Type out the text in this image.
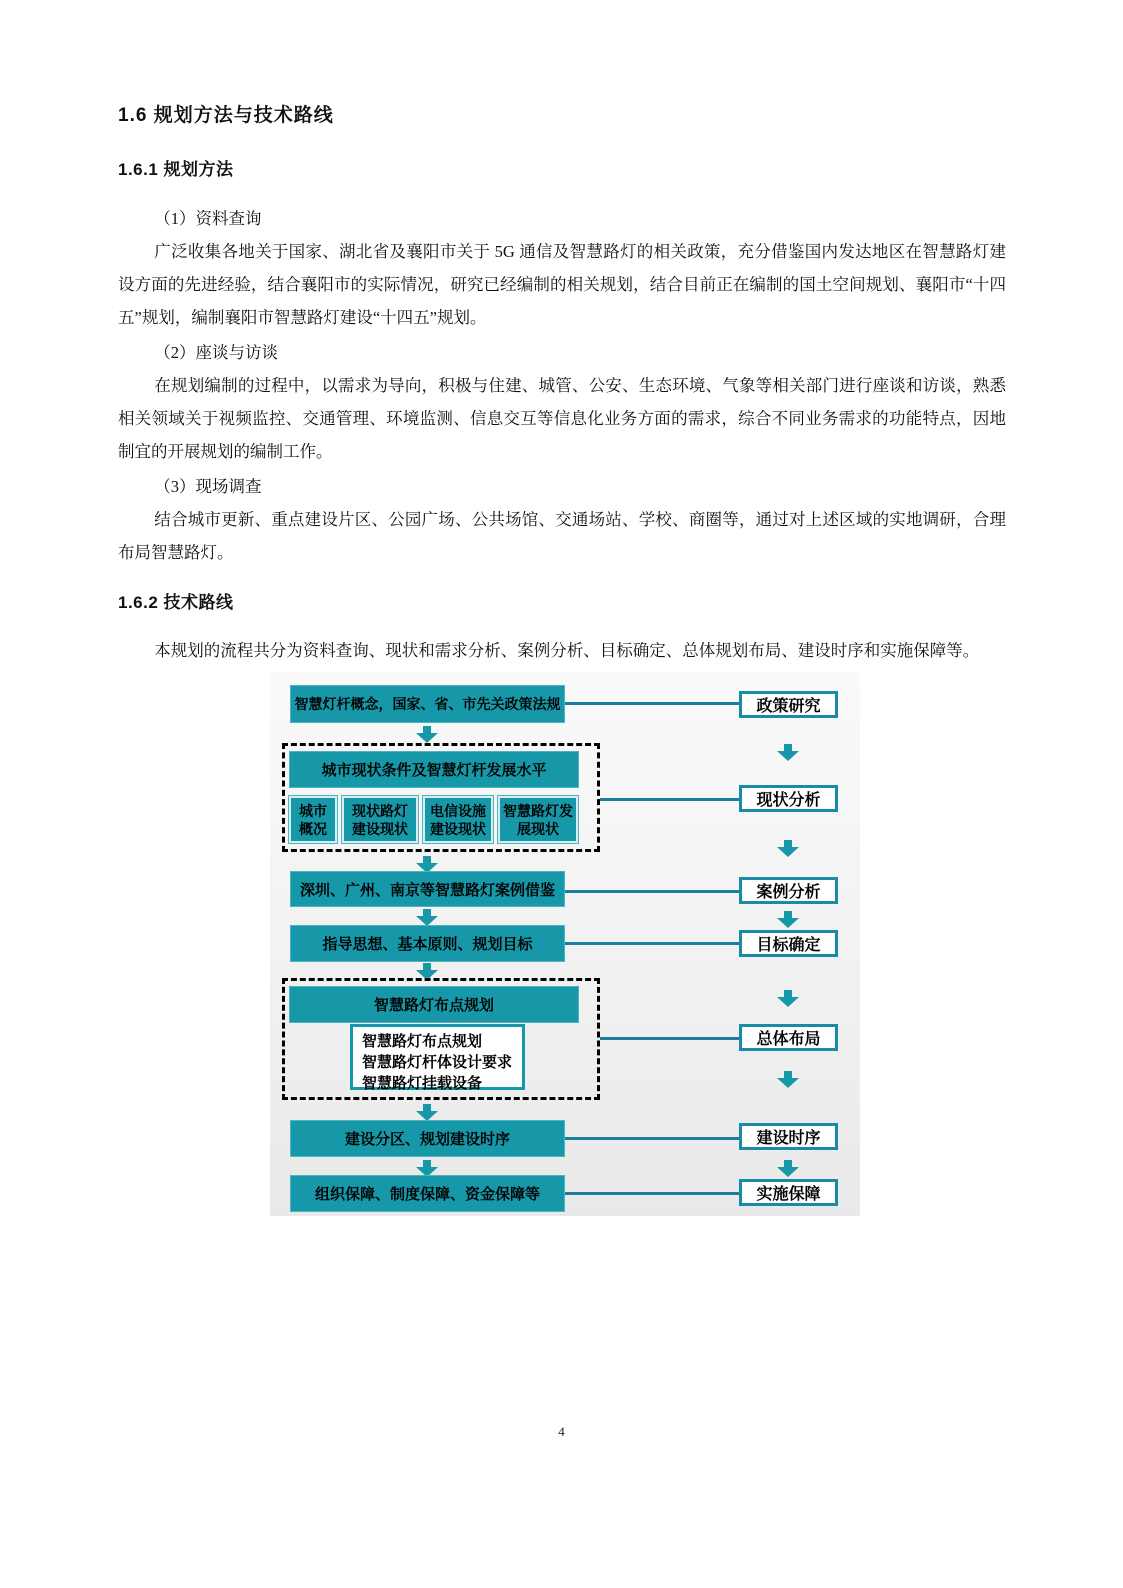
1.6 规划方法与技术路线
1.6.1 规划方法
（1）资料查询
广泛收集各地关于国家、湖北省及襄阳市关于 5G 通信及智慧路灯的相关政策，充分借鉴国内发达地区在智慧路灯建设方面的先进经验，结合襄阳市的实际情况，研究已经编制的相关规划，结合目前正在编制的国土空间规划、襄阳市“十四五”规划，编制襄阳市智慧路灯建设“十四五”规划。
（2）座谈与访谈
在规划编制的过程中，以需求为导向，积极与住建、城管、公安、生态环境、气象等相关部门进行座谈和访谈，熟悉相关领域关于视频监控、交通管理、环境监测、信息交互等信息化业务方面的需求，综合不同业务需求的功能特点，因地制宜的开展规划的编制工作。
（3）现场调查
结合城市更新、重点建设片区、公园广场、公共场馆、交通场站、学校、商圈等，通过对上述区域的实地调研，合理布局智慧路灯。
1.6.2 技术路线
本规划的流程共分为资料查询、现状和需求分析、案例分析、目标确定、总体规划布局、建设时序和实施保障等。
智慧灯杆概念，国家、省、市先关政策法规	政策研究
城市现状条件及智慧灯杆发展水平
城市概况
现状路灯建设现状
电信设施建设现状
智慧路灯发展现状
现状分析
深圳、广州、南京等智慧路灯案例借鉴	案例分析
指导思想、基本原则、规划目标	目标确定
智慧路灯布点规划
智慧路灯布点规划
智慧路灯杆体设计要求
智慧路灯挂载设备
总体布局
建设分区、规划建设时序	建设时序
组织保障、制度保障、资金保障等	实施保障
4
